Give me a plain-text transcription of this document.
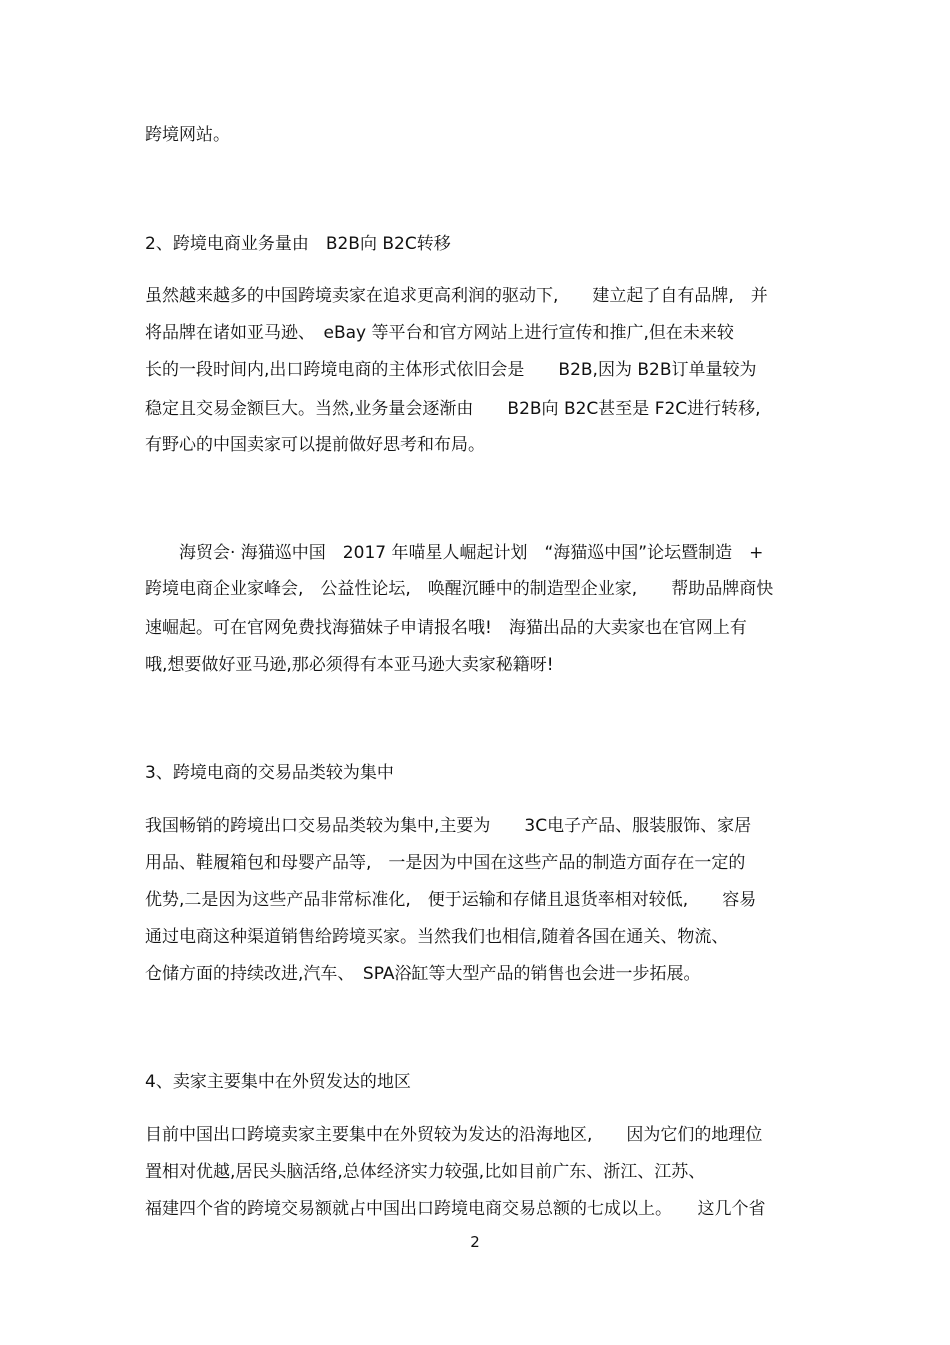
跨境网站。

2、跨境电商业务量由　B2B向 B2C转移

虽然越来越多的中国跨境卖家在追求更高利润的驱动下,　　建立起了自有品牌,　并

将品牌在诸如亚马逊、　eBay 等平台和官方网站上进行宣传和推广,但在未来较

长的一段时间内,出口跨境电商的主体形式依旧会是　　B2B,因为 B2B订单量较为

稳定且交易金额巨大。当然,业务量会逐渐由　　B2B向 B2C甚至是 F2C进行转移,

有野心的中国卖家可以提前做好思考和布局。

　　海贸会· 海猫巡中国　2017 年喵星人崛起计划　“海猫巡中国”论坛暨制造　+

跨境电商企业家峰会,　公益性论坛,　唤醒沉睡中的制造型企业家,　　帮助品牌商快

速崛起。可在官网免费找海猫妹子申请报名哦!　海猫出品的大卖家也在官网上有

哦,想要做好亚马逊,那必须得有本亚马逊大卖家秘籍呀!

3、跨境电商的交易品类较为集中

我国畅销的跨境出口交易品类较为集中,主要为　　3C电子产品、服装服饰、家居

用品、鞋履箱包和母婴产品等,　一是因为中国在这些产品的制造方面存在一定的

优势,二是因为这些产品非常标准化,　便于运输和存储且退货率相对较低,　　容易

通过电商这种渠道销售给跨境买家。当然我们也相信,随着各国在通关、物流、

仓储方面的持续改进,汽车、　SPA浴缸等大型产品的销售也会进一步拓展。

4、卖家主要集中在外贸发达的地区

目前中国出口跨境卖家主要集中在外贸较为发达的沿海地区,　　因为它们的地理位

置相对优越,居民头脑活络,总体经济实力较强,比如目前广东、浙江、江苏、

福建四个省的跨境交易额就占中国出口跨境电商交易总额的七成以上。　　这几个省

2
